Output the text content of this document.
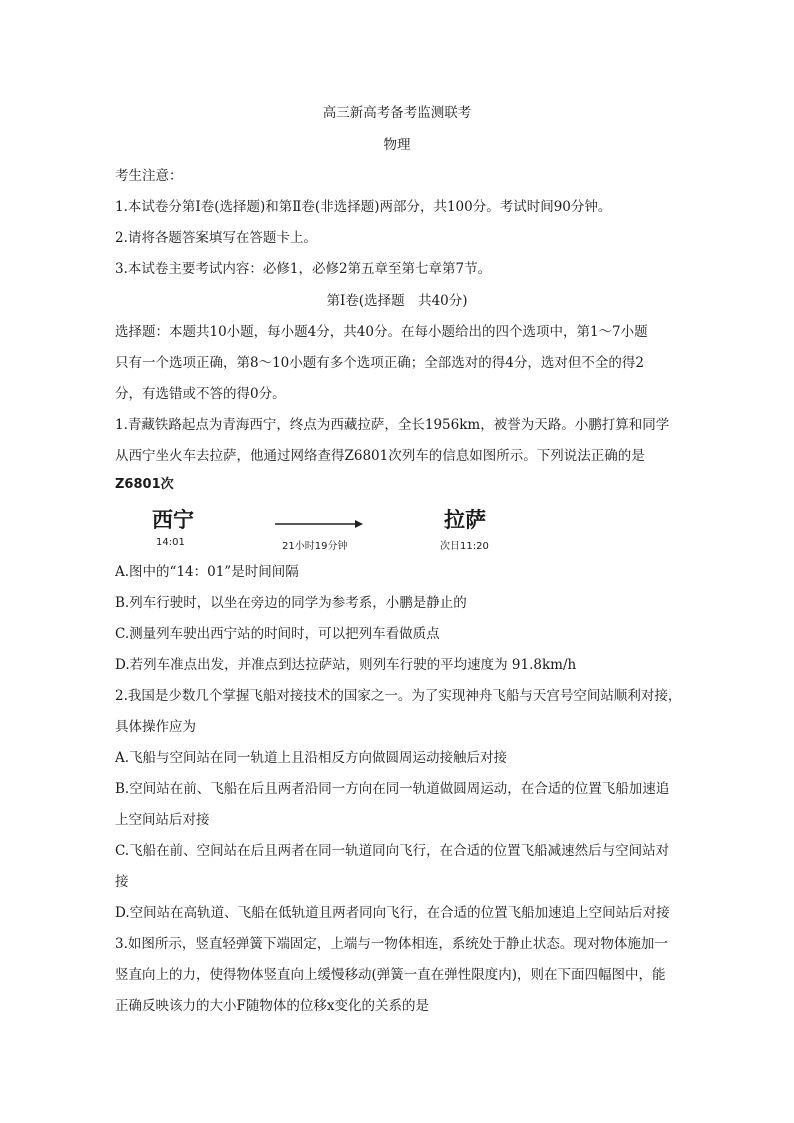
高三新高考备考监测联考
物理
考生注意：
1.本试卷分第Ⅰ卷(选择题)和第Ⅱ卷(非选择题)两部分，共100分。考试时间90分钟。
2.请将各题答案填写在答题卡上。
3.本试卷主要考试内容：必修1，必修2第五章至第七章第7节。
第Ⅰ卷(选择题　共40分)
选择题：本题共10小题，每小题4分，共40分。在每小题给出的四个选项中，第1～7小题
只有一个选项正确，第8～10小题有多个选项正确；全部选对的得4分，选对但不全的得2
分，有选错或不答的得0分。
1.青藏铁路起点为青海西宁，终点为西藏拉萨，全长1956km，被誉为天路。小鹏打算和同学
从西宁坐火车去拉萨，他通过网络查得Z6801次列车的信息如图所示。下列说法正确的是
Z6801次
西宁
14:01	21小时19分钟
拉萨
次日11:20
A.图中的“14：01”是时间间隔
B.列车行驶时，以坐在旁边的同学为参考系，小鹏是静止的
C.测量列车驶出西宁站的时间时，可以把列车看做质点
D.若列车准点出发，并准点到达拉萨站，则列车行驶的平均速度为 91.8km/h
2.我国是少数几个掌握飞船对接技术的国家之一。为了实现神舟飞船与天宫号空间站顺利对接，
具体操作应为
A.飞船与空间站在同一轨道上且沿相反方向做圆周运动接触后对接
B.空间站在前、飞船在后且两者沿同一方向在同一轨道做圆周运动，在合适的位置飞船加速追
上空间站后对接
C.飞船在前、空间站在后且两者在同一轨道同向飞行，在合适的位置飞船减速然后与空间站对
接
D.空间站在高轨道、飞船在低轨道且两者同向飞行，在合适的位置飞船加速追上空间站后对接
3.如图所示，竖直轻弹簧下端固定，上端与一物体相连，系统处于静止状态。现对物体施加一
竖直向上的力，使得物体竖直向上缓慢移动(弹簧一直在弹性限度内)，则在下面四幅图中，能
正确反映该力的大小F随物体的位移x变化的关系的是
